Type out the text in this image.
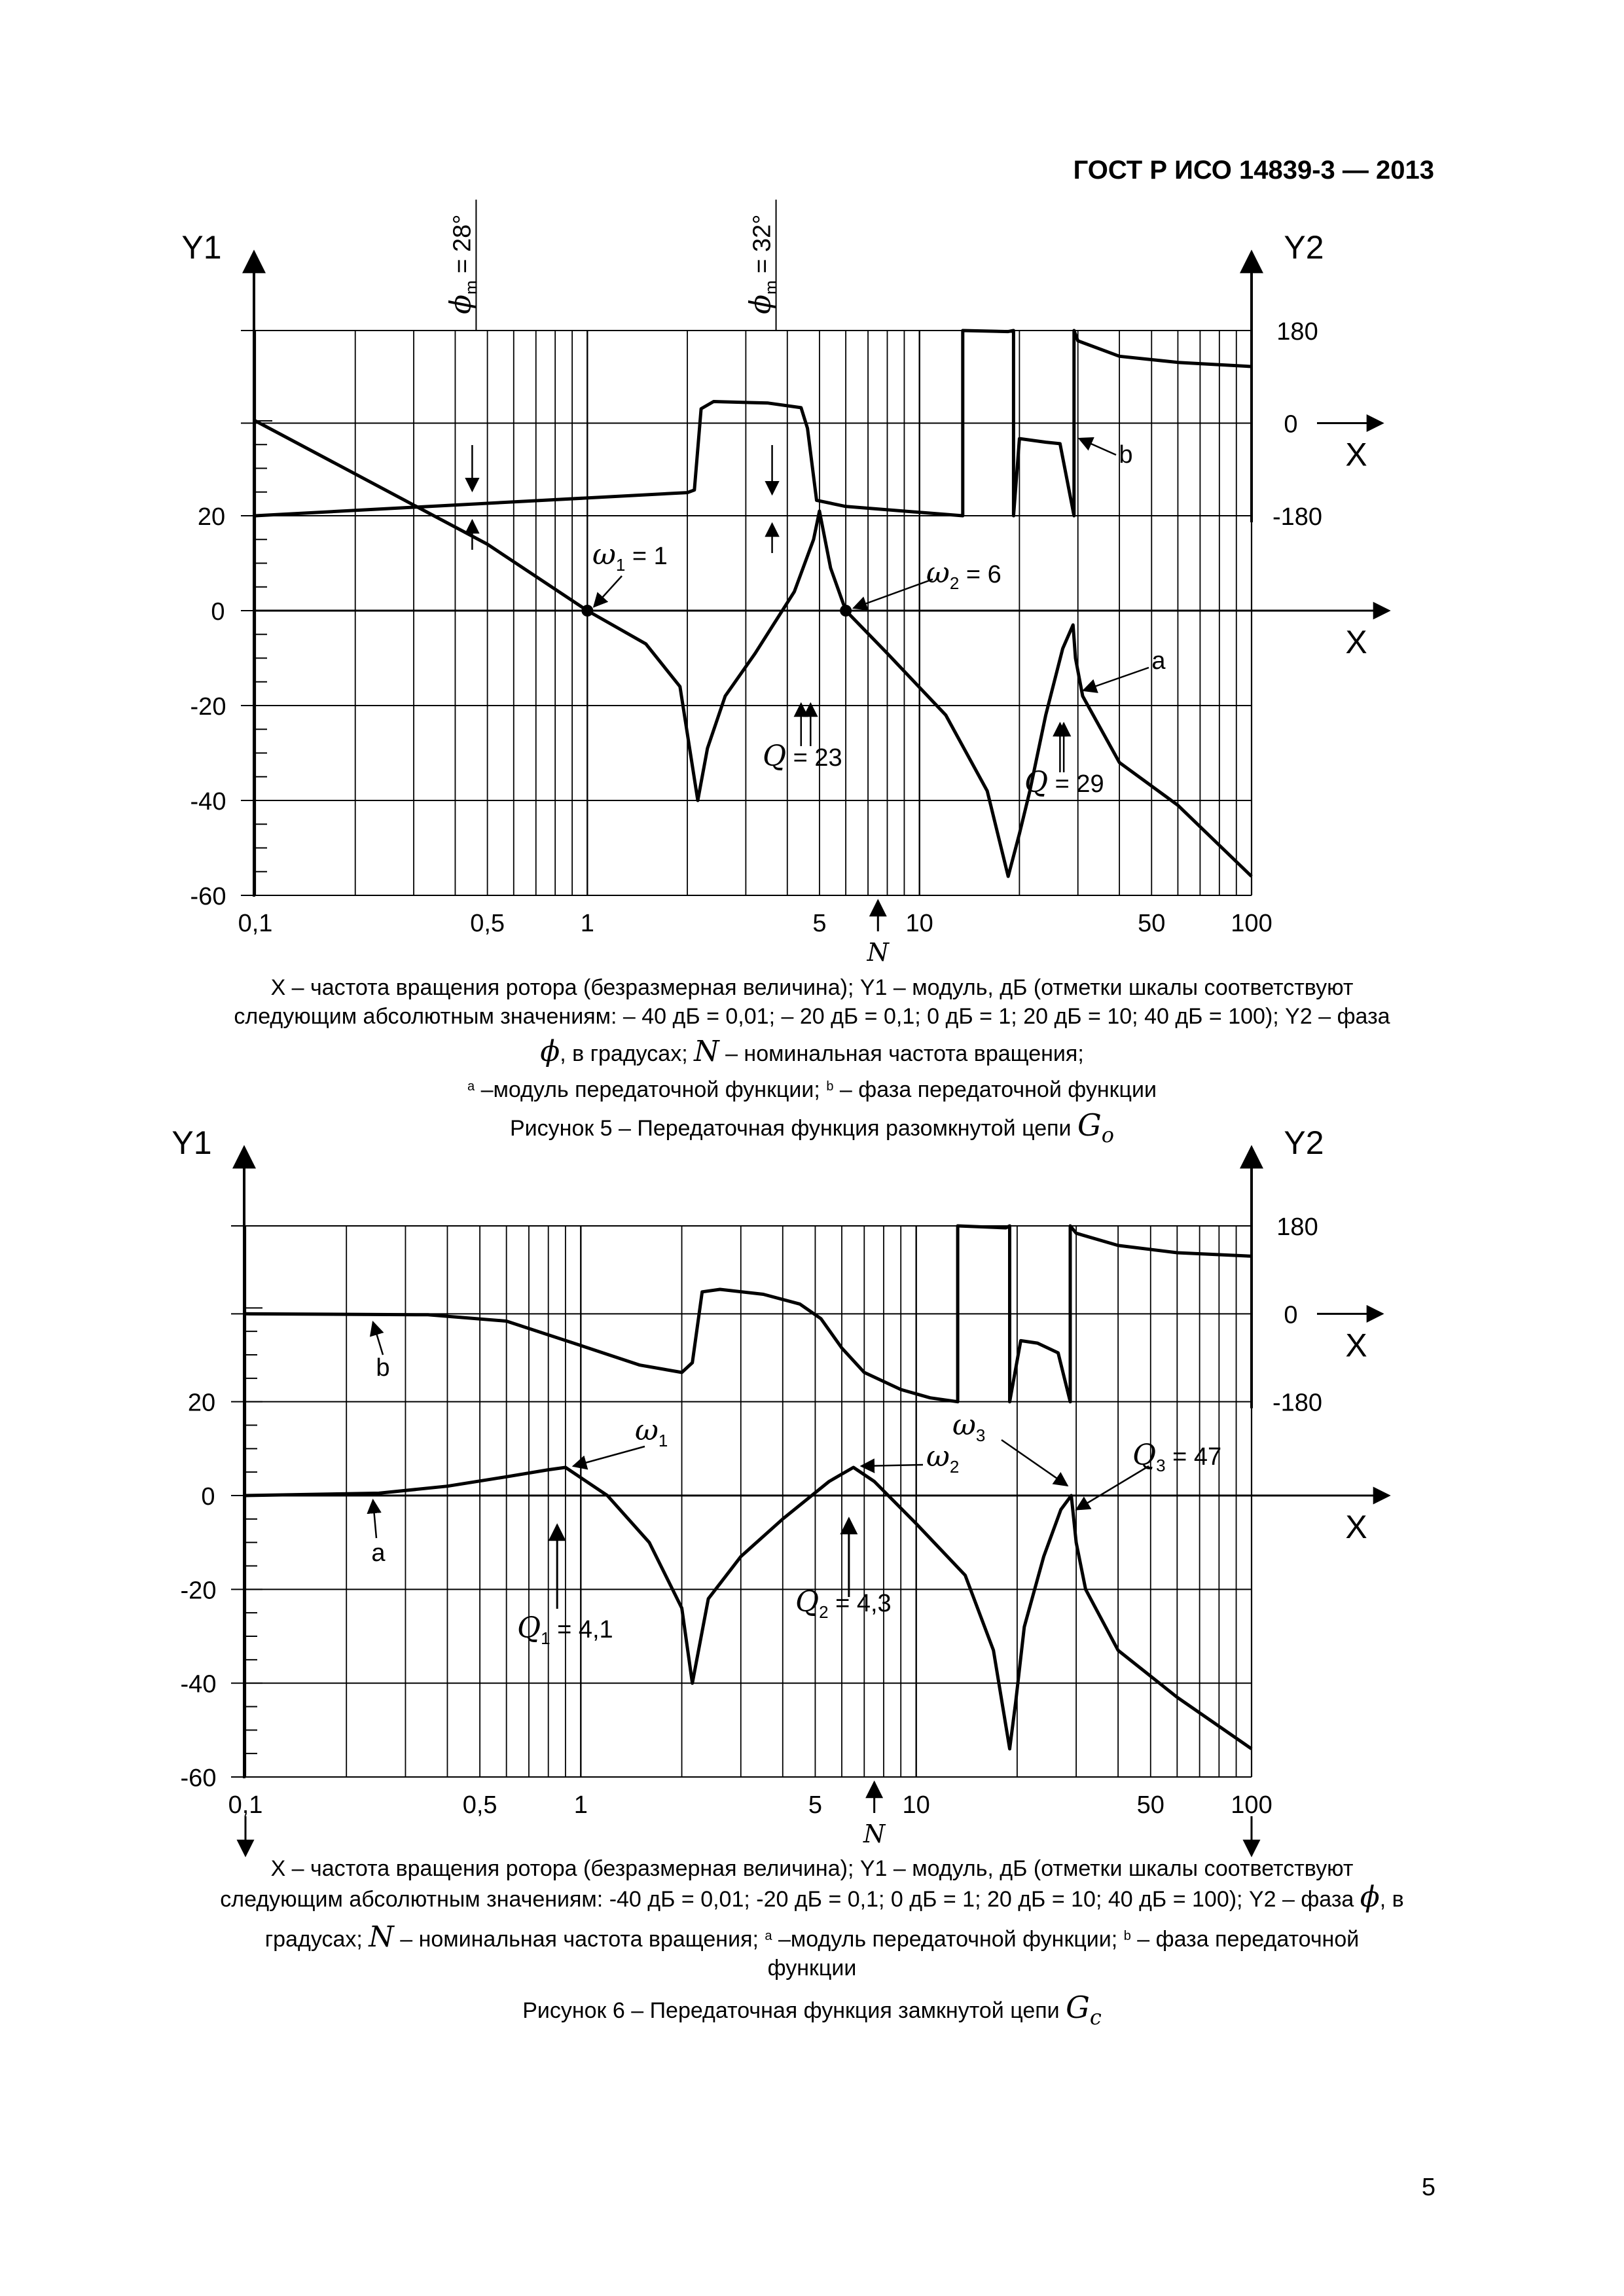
ГОСТ Р ИСО 14839-3 — 2013
20
0
-20
-40
-60
Y1
180
0
-180
Y2
X
X
0,1	0,5	1	5	10	50	100
N
$\phi_m = 28^\circ$
$\phi_m = 32^\circ$
$\omega_1 = 1$	$\omega_2 = 6$
Q = 23
Q = 29
a
b
20
0
-20
-40
-60
Y1
180
0
-180
Y2
X
X
0,1	0,5	1	5	10	50	100
N
$\omega_1$	$\omega_2$
$\omega_3$
$Q_3 = 47$
$Q_1 = 4,1$
$Q_2 = 4,3$
a
b
X – частота вращения ротора (безразмерная величина); Y1 – модуль, дБ (отметки шкалы соответствуют
следующим абсолютным значениям: – 40 дБ = 0,01; – 20 дБ = 0,1; 0 дБ = 1; 20 дБ = 10; 40 дБ = 100); Y2 – фаза
ϕ, в градусах; N – номинальная частота вращения;
$^a$ –модуль передаточной функции; $^b$ – фаза передаточной функции
Рисунок 5 – Передаточная функция разомкнутой цепи $G_o$
X – частота вращения ротора (безразмерная величина); Y1 – модуль, дБ (отметки шкалы соответствуют
следующим абсолютным значениям: -40 дБ = 0,01; -20 дБ = 0,1; 0 дБ = 1; 20 дБ = 10; 40 дБ = 100); Y2 – фаза ϕ, в
градусах; N – номинальная частота вращения; $^a$ –модуль передаточной функции; $^b$ – фаза передаточной
функции
Рисунок 6 – Передаточная функция замкнутой цепи $G_c$
5
